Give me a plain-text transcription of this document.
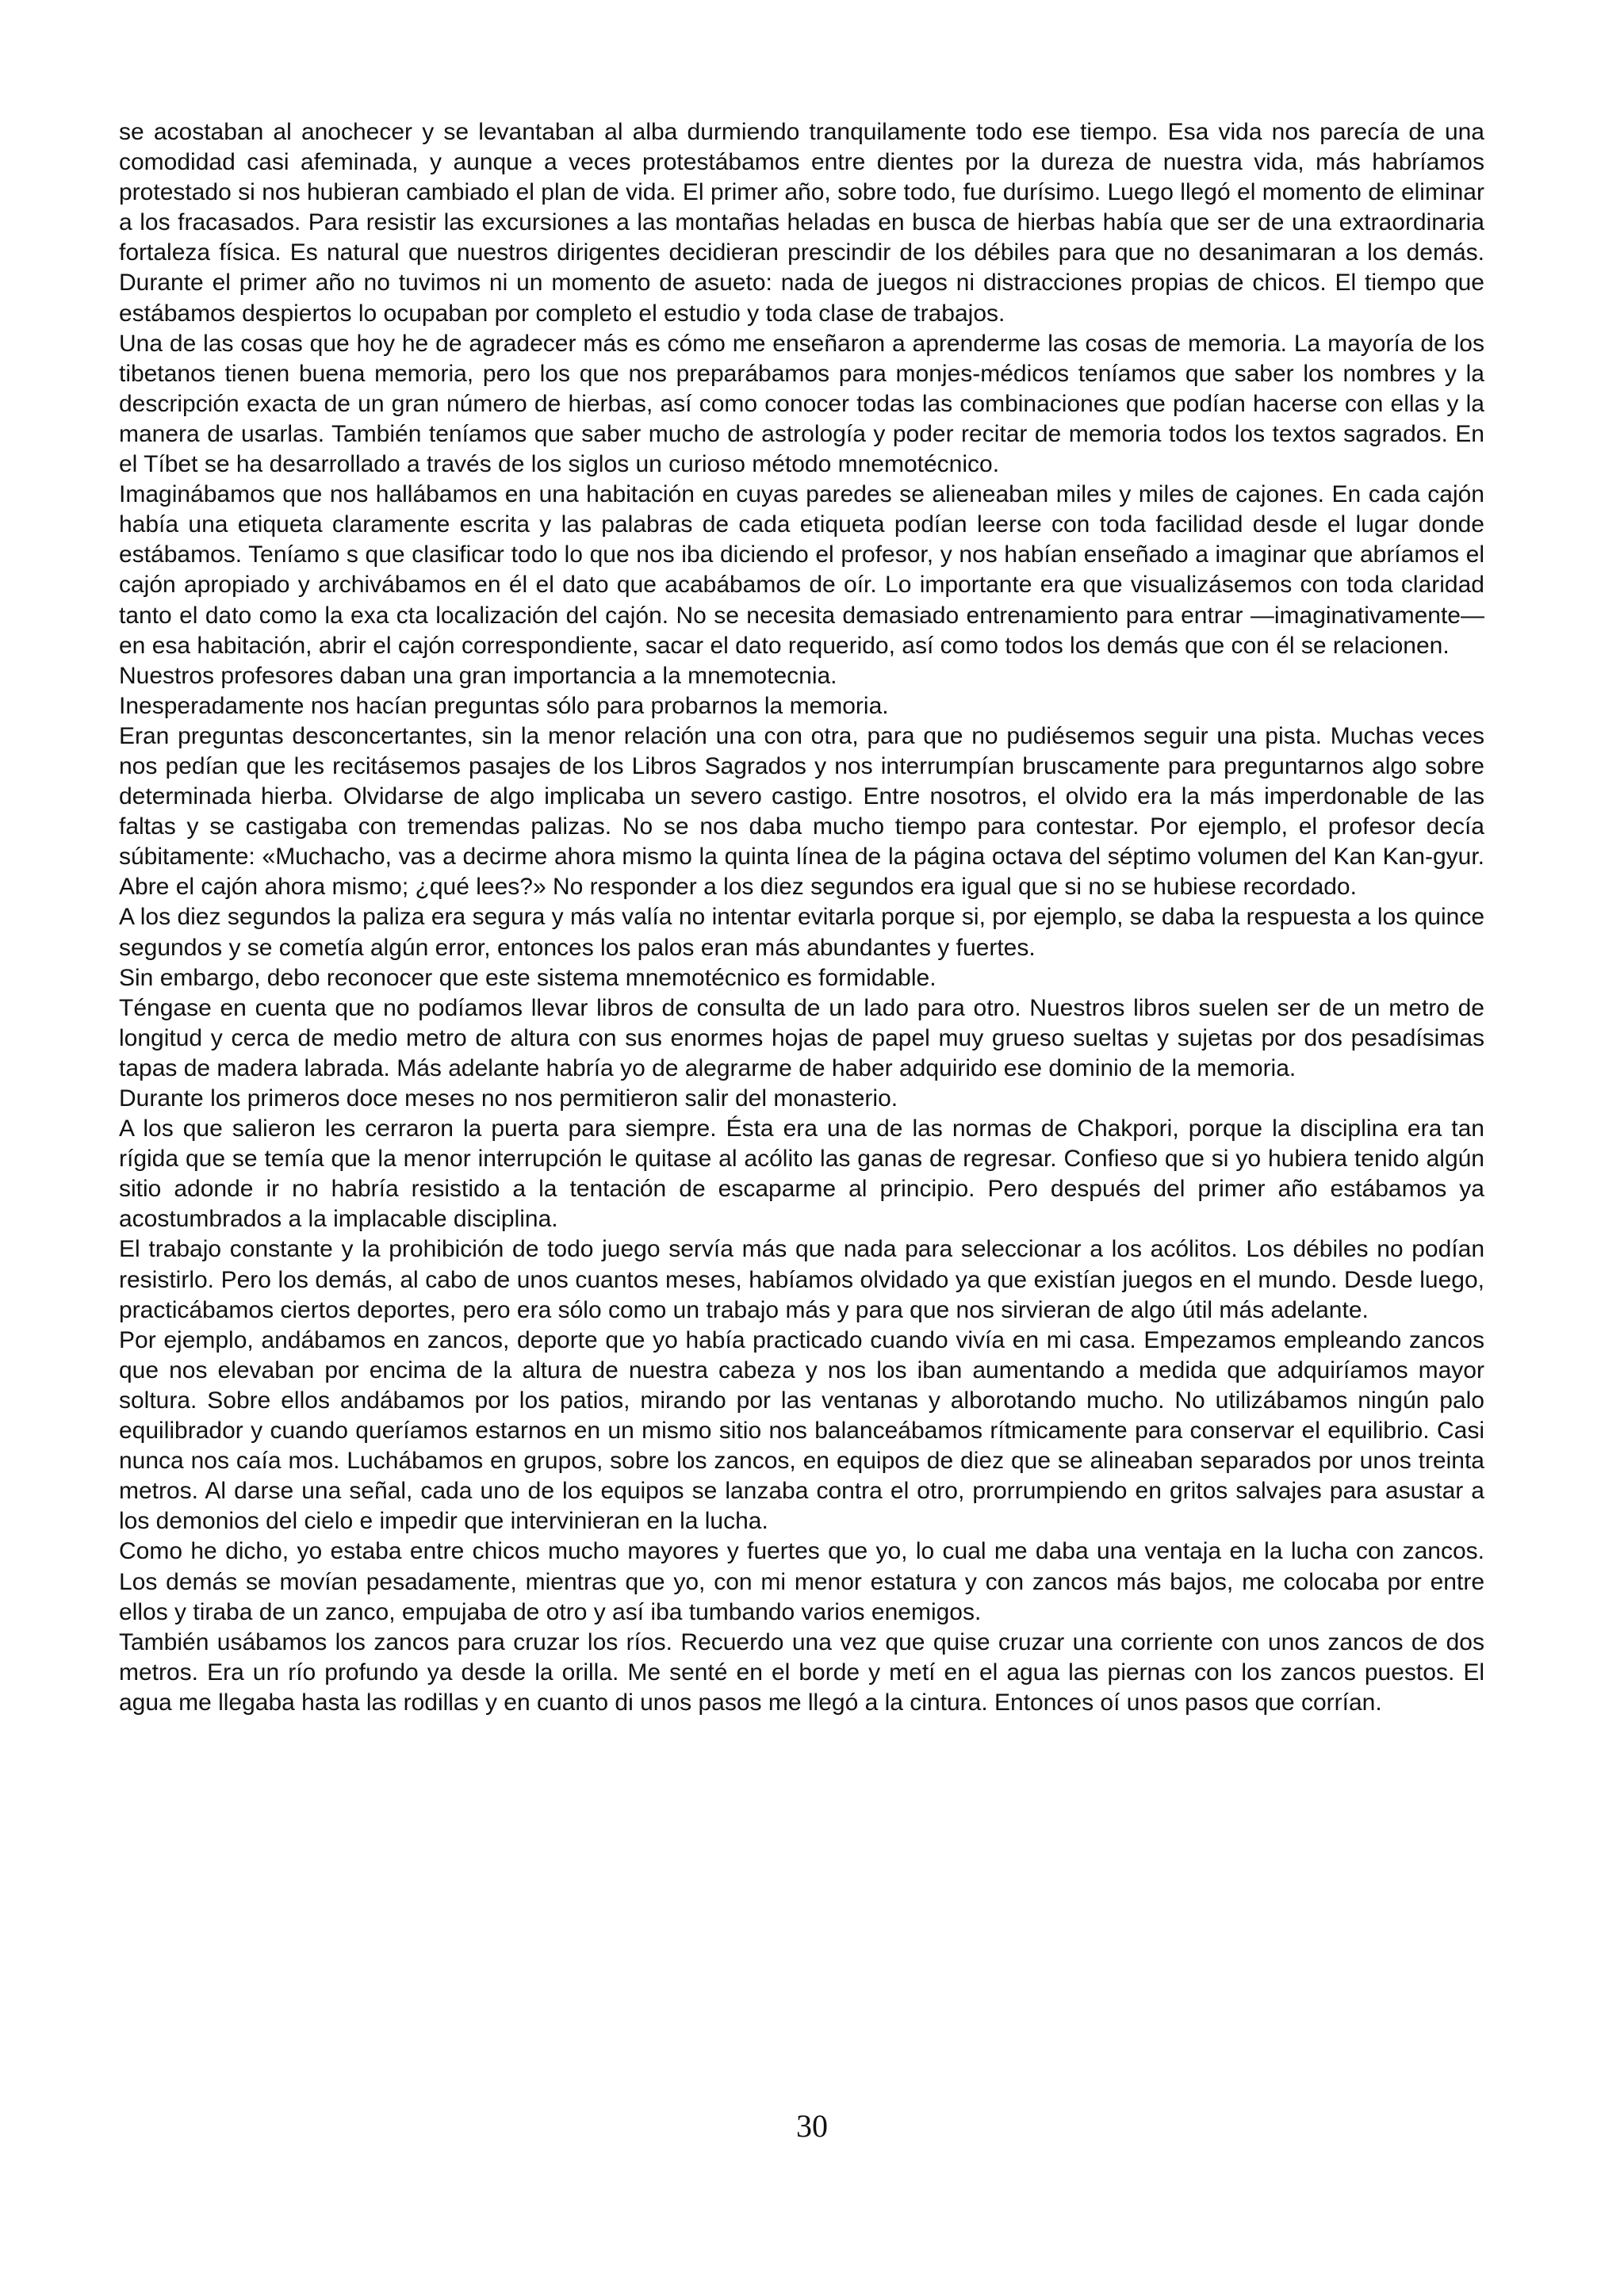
se acostaban al anochecer y se levantaban al alba durmiendo tranquilamente todo ese tiempo. Esa vida nos parecía de una comodidad casi afeminada, y aunque a veces protestábamos entre dientes por la dureza de nuestra vida, más habríamos protestado si nos hubieran cambiado el plan de vida. El primer año, sobre todo, fue durísimo. Luego llegó el momento de eliminar a los fracasados. Para resistir las excursiones a las montañas heladas en busca de hierbas había que ser de una extraordinaria fortaleza física. Es natural que nuestros dirigentes decidieran prescindir de los débiles para que no desanimaran a los demás. Durante el primer año no tuvimos ni un momento de asueto: nada de juegos ni distracciones propias de chicos. El tiempo que estábamos despiertos lo ocupaban por completo el estudio y toda clase de trabajos.

Una de las cosas que hoy he de agradecer más es cómo me enseñaron a aprenderme las cosas de memoria. La mayoría de los tibetanos tienen buena memoria, pero los que nos preparábamos para monjes-médicos teníamos que saber los nombres y la descripción exacta de un gran número de hierbas, así como conocer todas las combinaciones que podían hacerse con ellas y la manera de usarlas. También teníamos que saber mucho de astrología y poder recitar de memoria todos los textos sagrados. En el Tíbet se ha desarrollado a través de los siglos un curioso método mnemotécnico.

Imaginábamos que nos hallábamos en una habitación en cuyas paredes se alieneaban miles y miles de cajones. En cada cajón había una etiqueta claramente escrita y las palabras de cada etiqueta podían leerse con toda facilidad desde el lugar donde estábamos. Teníamo s que clasificar todo lo que nos iba diciendo el profesor, y nos habían enseñado a imaginar que abríamos el cajón apropiado y archivábamos en él el dato que acabábamos de oír. Lo importante era que visualizásemos con toda claridad tanto el dato como la exa cta localización del cajón. No se necesita demasiado entrenamiento para entrar —imaginativamente— en esa habitación, abrir el cajón correspondiente, sacar el dato requerido, así como todos los demás que con él se relacionen.

Nuestros profesores daban una gran importancia a la mnemotecnia.

Inesperadamente nos hacían preguntas sólo para probarnos la memoria.

Eran preguntas desconcertantes, sin la menor relación una con otra, para que no pudiésemos seguir una pista. Muchas veces nos pedían que les recitásemos pasajes de los Libros Sagrados y nos interrumpían bruscamente para preguntarnos algo sobre determinada hierba. Olvidarse de algo implicaba un severo castigo. Entre nosotros, el olvido era la más imperdonable de las faltas y se castigaba con tremendas palizas. No se nos daba mucho tiempo para contestar. Por ejemplo, el profesor decía súbitamente: «Muchacho, vas a decirme ahora mismo la quinta línea de la página octava del séptimo volumen del Kan Kan-gyur. Abre el cajón ahora mismo; ¿qué lees?» No responder a los diez segundos era igual que si no se hubiese recordado.

A los diez segundos la paliza era segura y más valía no intentar evitarla porque si, por ejemplo, se daba la respuesta a los quince segundos y se cometía algún error, entonces los palos eran más abundantes y fuertes.

Sin embargo, debo reconocer que este sistema mnemotécnico es formidable.

Téngase en cuenta que no podíamos llevar libros de consulta de un lado para otro. Nuestros libros suelen ser de un metro de longitud y cerca de medio metro de altura con sus enormes hojas de papel muy grueso sueltas y sujetas por dos pesadísimas tapas de madera labrada. Más adelante habría yo de alegrarme de haber adquirido ese dominio de la memoria.

Durante los primeros doce meses no nos permitieron salir del monasterio.

A los que salieron les cerraron la puerta para siempre. Ésta era una de las normas de Chakpori, porque la disciplina era tan rígida que se temía que la menor interrupción le quitase al acólito las ganas de regresar. Confieso que si yo hubiera tenido algún sitio adonde ir no habría resistido a la tentación de escaparme al principio. Pero después del primer año estábamos ya acostumbrados a la implacable disciplina.

El trabajo constante y la prohibición de todo juego servía más que nada para seleccionar a los acólitos. Los débiles no podían resistirlo. Pero los demás, al cabo de unos cuantos meses, habíamos olvidado ya que existían juegos en el mundo. Desde luego, practicábamos ciertos deportes, pero era sólo como un trabajo más y para que nos sirvieran de algo útil más adelante.

Por ejemplo, andábamos en zancos, deporte que yo había practicado cuando vivía en mi casa. Empezamos empleando zancos que nos elevaban por encima de la altura de nuestra cabeza y nos los iban aumentando a medida que adquiríamos mayor soltura. Sobre ellos andábamos por los patios, mirando por las ventanas y alborotando mucho. No utilizábamos ningún palo equilibrador y cuando queríamos estarnos en un mismo sitio nos balanceábamos rítmicamente para conservar el equilibrio. Casi nunca nos caía mos. Luchábamos en grupos, sobre los zancos, en equipos de diez que se alineaban separados por unos treinta metros. Al darse una señal, cada uno de los equipos se lanzaba contra el otro, prorrumpiendo en gritos salvajes para asustar a los demonios del cielo e impedir que intervinieran en la lucha.

Como he dicho, yo estaba entre chicos mucho mayores y fuertes que yo, lo cual me daba una ventaja en la lucha con zancos. Los demás se movían pesadamente, mientras que yo, con mi menor estatura y con zancos más bajos, me colocaba por entre ellos y tiraba de un zanco, empujaba de otro y así iba tumbando varios enemigos.

También usábamos los zancos para cruzar los ríos. Recuerdo una vez que quise cruzar una corriente con unos zancos de dos metros. Era un río profundo ya desde la orilla. Me senté en el borde y metí en el agua las piernas con los zancos puestos. El agua me llegaba hasta las rodillas y en cuanto di unos pasos me llegó a la cintura. Entonces oí unos pasos que corrían.

30
